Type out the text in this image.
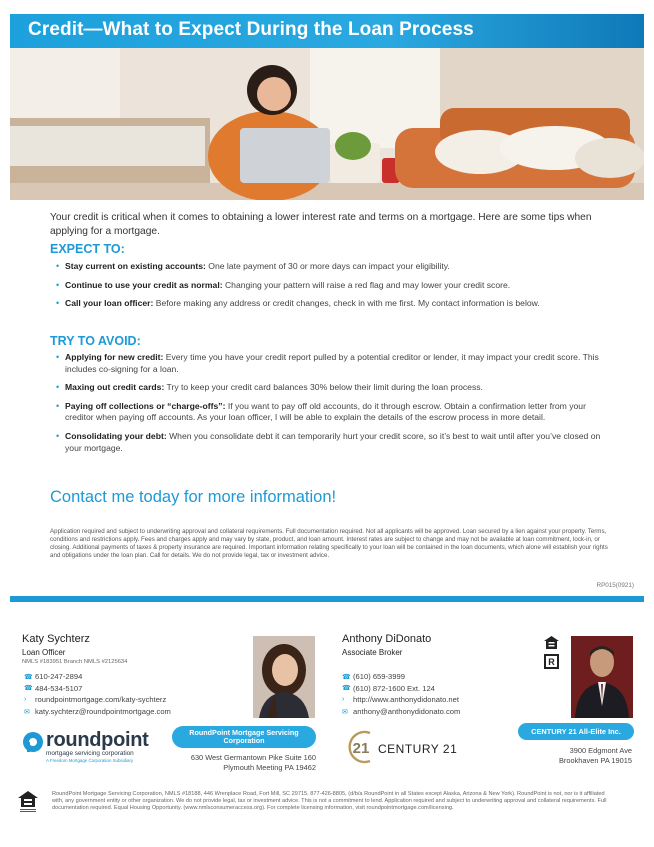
Credit—What to Expect During the Loan Process

Your credit is critical when it comes to obtaining a lower interest rate and terms on a mortgage. Here are some tips when applying for a mortgage.

EXPECT TO:
• Stay current on existing accounts: One late payment of 30 or more days can impact your eligibility.
• Continue to use your credit as normal: Changing your pattern will raise a red flag and may lower your credit score.
• Call your loan officer: Before making any address or credit changes, check in with me first. My contact information is below.
TRY TO AVOID:
• Applying for new credit: Every time you have your credit report pulled by a potential creditor or lender, it may impact your credit score. This includes co-signing for a loan.
• Maxing out credit cards: Try to keep your credit card balances 30% below their limit during the loan process.
• Paying off collections or “charge-offs”: If you want to pay off old accounts, do it through escrow. Obtain a confirmation letter from your creditor when paying off accounts. As your loan officer, I will be able to explain the details of the escrow process in more detail.
• Consolidating your debt: When you consolidate debt it can temporarily hurt your credit score, so it’s best to wait until after you’ve closed on your mortgage.
Contact me today for more information!

Application required and subject to underwriting approval and collateral requirements. Full documentation required. Not all applicants will be approved. Loan secured by a lien against your property. Terms, conditions and restrictions apply. Fees and charges apply and may vary by state, product, and loan amount. Interest rates are subject to change and may not be available at loan commitment, lock-in, or closing. Additional payments of taxes & property insurance are required. Important information relating specifically to your loan will be contained in the loan documents, which alone will establish your rights and obligations under the loan plan. Call for details. We do not provide legal, tax or investment advice.

RP015(0921)
Katy Sychterz
Loan Officer
NMLS #183951 Branch NMLS #2125634
☎ 610-247-2894
☎ 484-534-5107
›	roundpointmortgage.com/katy-sychterz
✉ katy.sychterz@roundpointmortgage.com
RoundPoint Mortgage Servicing Corporation
630 West Germantown Pike Suite 160
Plymouth Meeting PA 19462
Anthony DiDonato
Associate Broker
☎ (610) 659-3999
☎ (610) 872-1600 Ext. 124
›	http://www.anthonydidonato.net
✉ anthony@anthonydidonato.com
R
CENTURY 21 All-Elite Inc.
3900 Edgmont Ave
Brookhaven PA 19015
roundpoint
mortgage servicing corporation
A Freedom Mortgage Corporation Subsidiary
21 CENTURY 21

RoundPoint Mortgage Servicing Corporation, NMLS #18188, 446 Wrenplace Road, Fort Mill, SC 29715. 877-426-8805, (d/b/a RoundPoint in all States except Alaska, Arizona & New York). RoundPoint is not, nor is it affiliated with, any government entity or other organization. We do not provide legal, tax or investment advice. This is not a commitment to lend. Application required and subject to underwriting approval and collateral requirements. Full documentation required. Equal Housing Opportunity. (www.nmlsconsumeraccess.org). For complete licensing information, visit roundpointmortgage.com/licensing.
